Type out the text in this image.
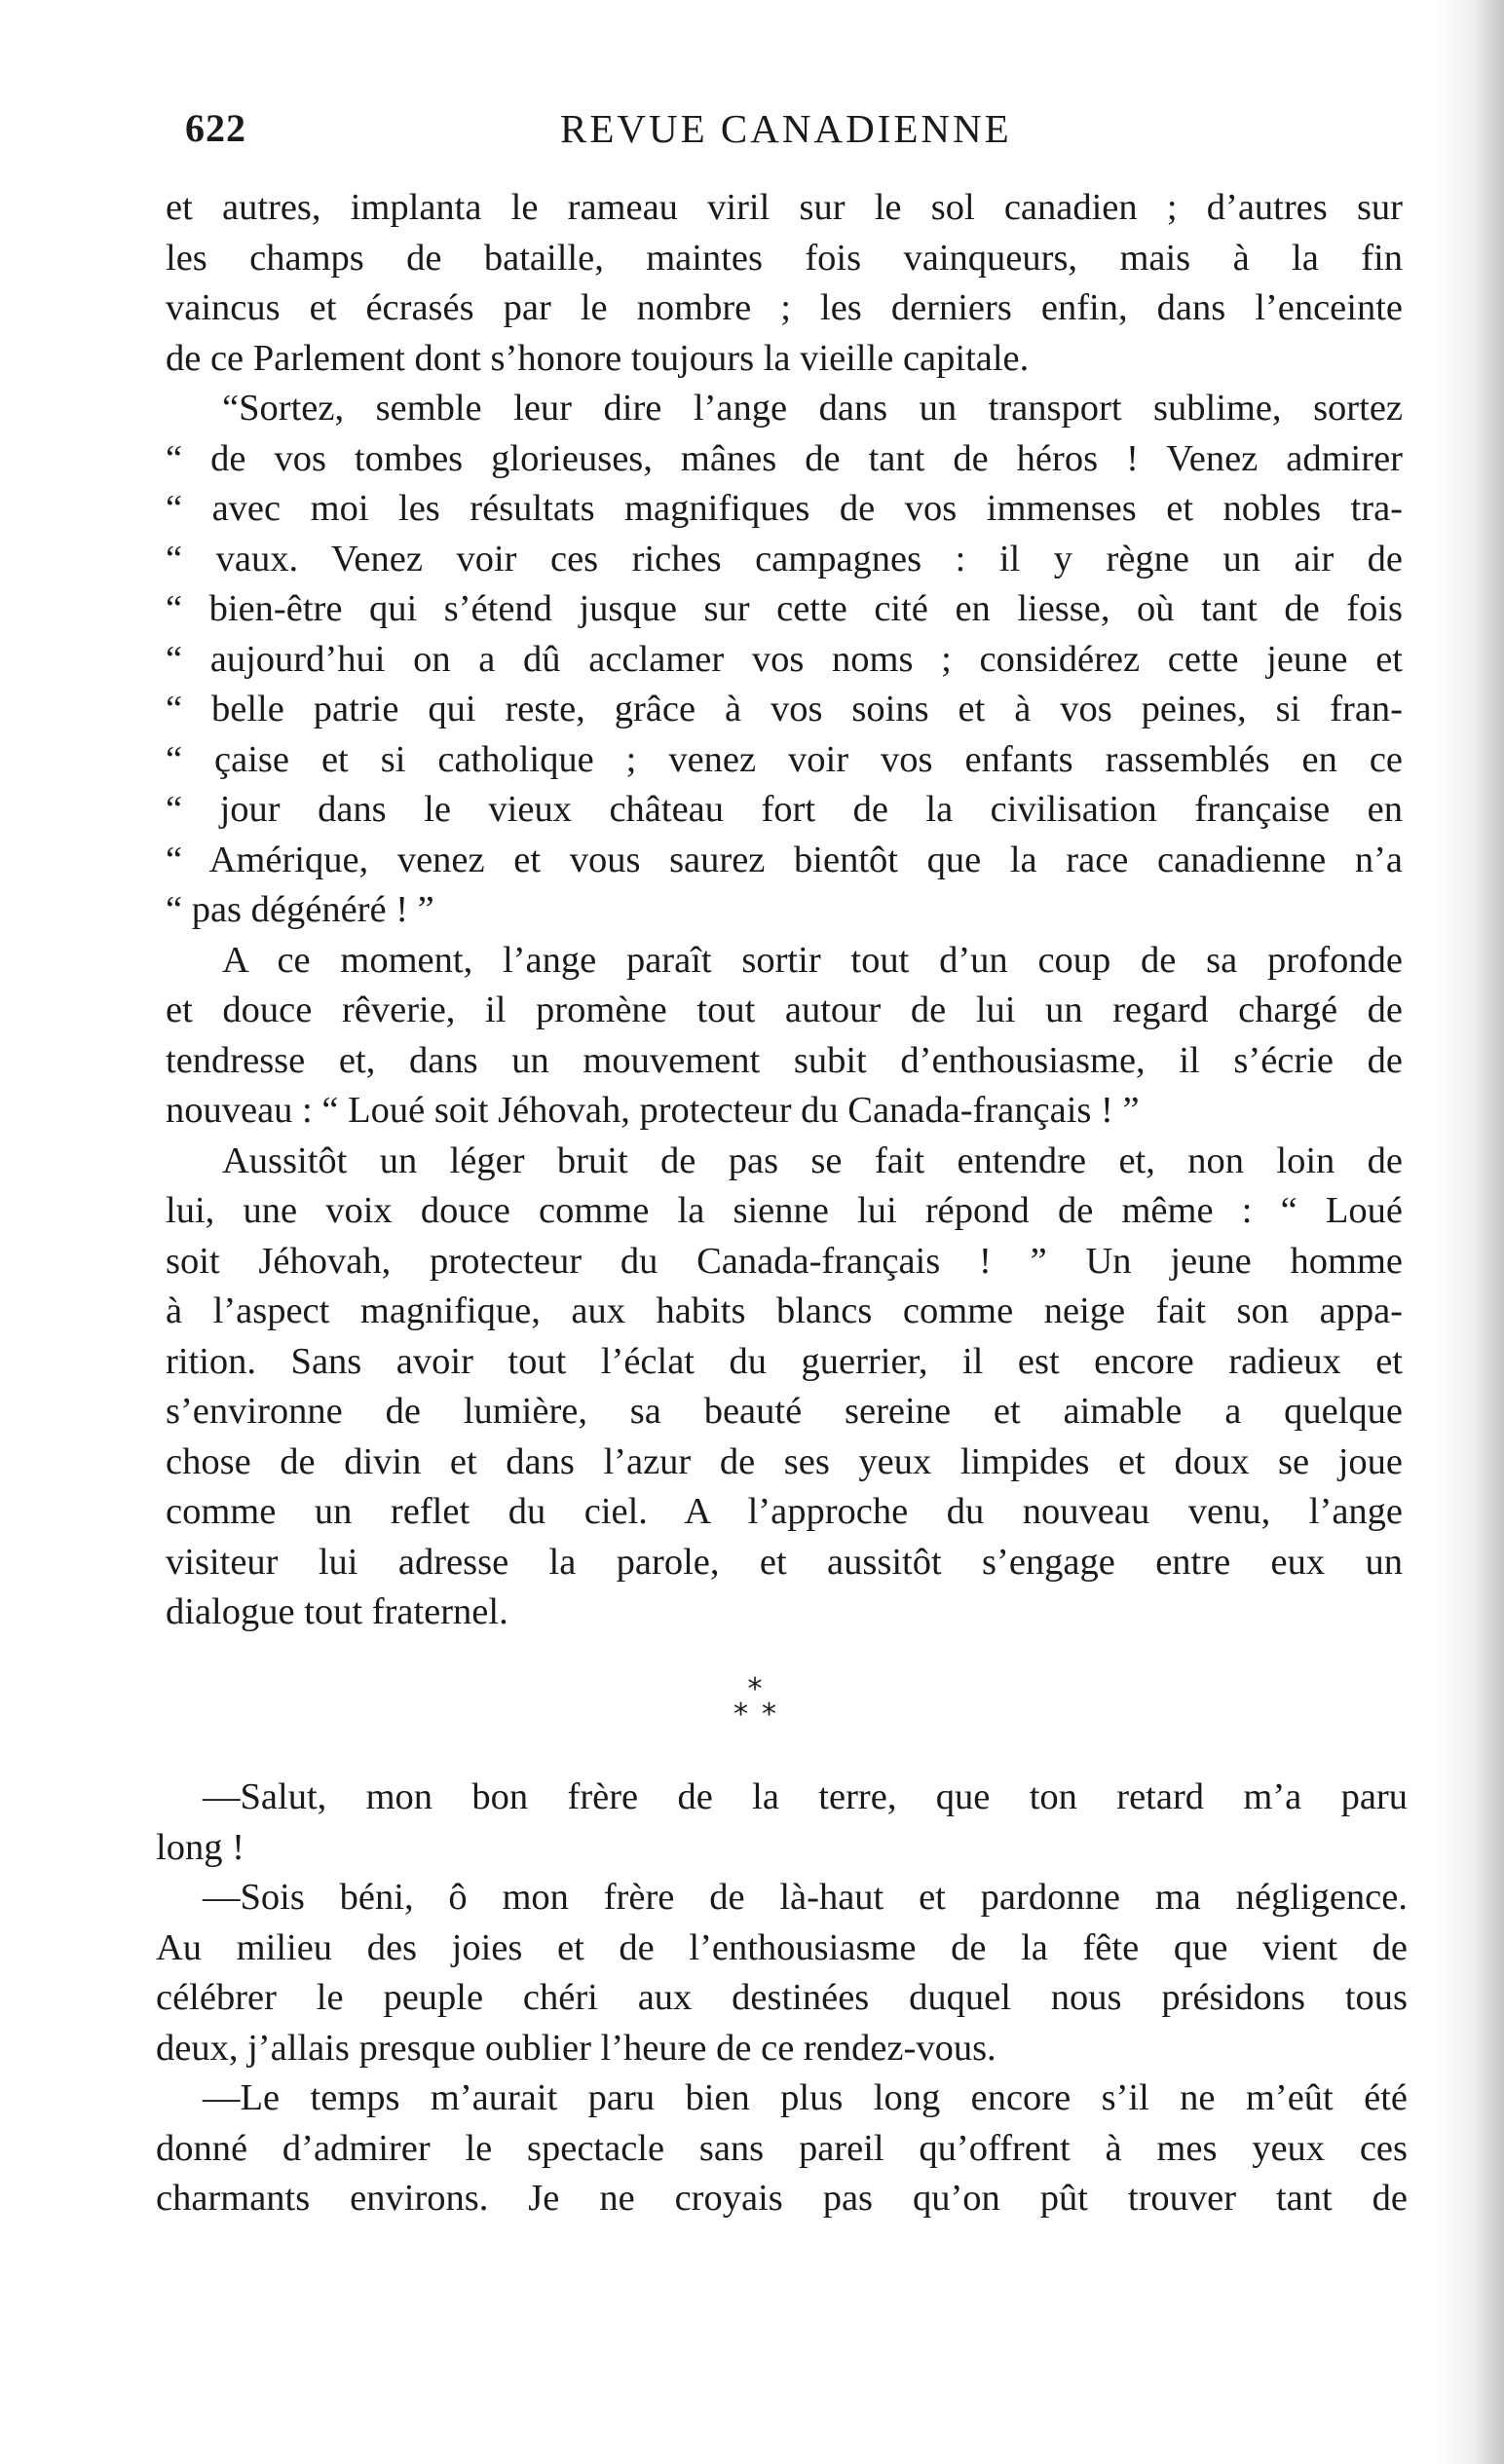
622	REVUE CANADIENNE
et autres, implanta le rameau viril sur le sol canadien ; d’autres sur
les champs de bataille, maintes fois vainqueurs, mais à la fin
vaincus et écrasés par le nombre ; les derniers enfin, dans l’enceinte
de ce Parlement dont s’honore toujours la vieille capitale.
“Sortez, semble leur dire l’ange dans un transport sublime, sortez
“ de vos tombes glorieuses, mânes de tant de héros ! Venez admirer
“ avec moi les résultats magnifiques de vos immenses et nobles tra-
“ vaux. Venez voir ces riches campagnes : il y règne un air de
“ bien-être qui s’étend jusque sur cette cité en liesse, où tant de fois
“ aujourd’hui on a dû acclamer vos noms ; considérez cette jeune et
“ belle patrie qui reste, grâce à vos soins et à vos peines, si fran-
“ çaise et si catholique ; venez voir vos enfants rassemblés en ce
“ jour dans le vieux château fort de la civilisation française en
“ Amérique, venez et vous saurez bientôt que la race canadienne n’a
“ pas dégénéré ! ”
A ce moment, l’ange paraît sortir tout d’un coup de sa profonde
et douce rêverie, il promène tout autour de lui un regard chargé de
tendresse et, dans un mouvement subit d’enthousiasme, il s’écrie de
nouveau : “ Loué soit Jéhovah, protecteur du Canada-français ! ”
Aussitôt un léger bruit de pas se fait entendre et, non loin de
lui, une voix douce comme la sienne lui répond de même : “ Loué
soit Jéhovah, protecteur du Canada-français ! ” Un jeune homme
à l’aspect magnifique, aux habits blancs comme neige fait son appa-
rition. Sans avoir tout l’éclat du guerrier, il est encore radieux et
s’environne de lumière, sa beauté sereine et aimable a quelque
chose de divin et dans l’azur de ses yeux limpides et doux se joue
comme un reflet du ciel. A l’approche du nouveau venu, l’ange
visiteur lui adresse la parole, et aussitôt s’engage entre eux un
dialogue tout fraternel.
*
**
—Salut, mon bon frère de la terre, que ton retard m’a paru
long !
—Sois béni, ô mon frère de là-haut et pardonne ma négligence.
Au milieu des joies et de l’enthousiasme de la fête que vient de
célébrer le peuple chéri aux destinées duquel nous présidons tous
deux, j’allais presque oublier l’heure de ce rendez-vous.
—Le temps m’aurait paru bien plus long encore s’il ne m’eût été
donné d’admirer le spectacle sans pareil qu’offrent à mes yeux ces
charmants environs. Je ne croyais pas qu’on pût trouver tant de
